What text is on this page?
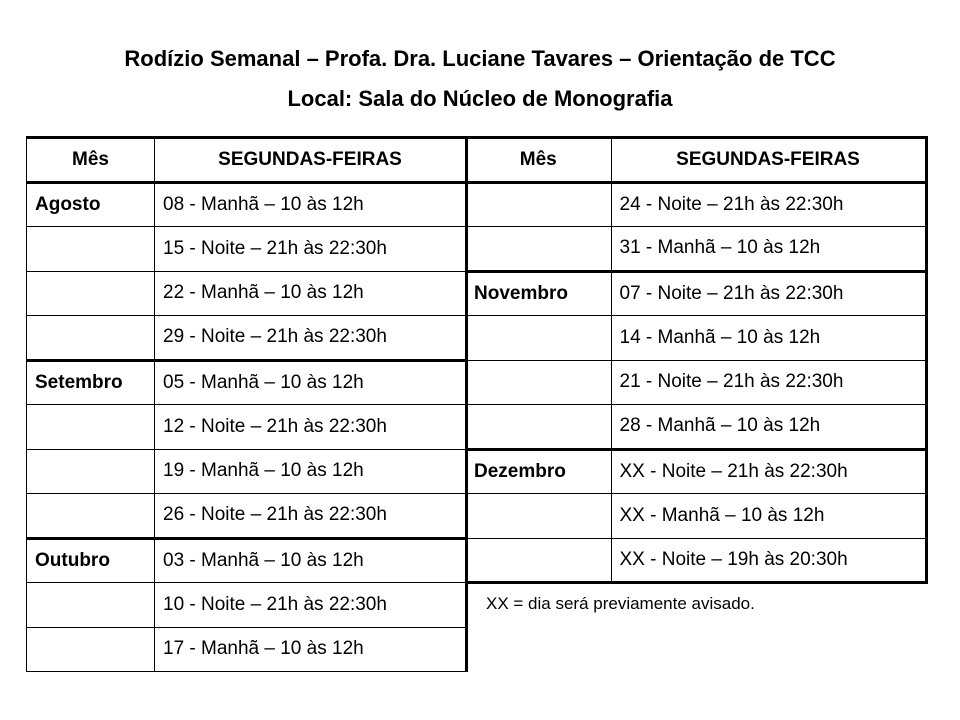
Rodízio Semanal – Profa. Dra. Luciane Tavares – Orientação de TCC
Local: Sala do Núcleo de Monografia
Mês	SEGUNDAS-FEIRAS
Agosto	08 - Manhã – 10 às 12h
	15 - Noite – 21h às 22:30h
	22 - Manhã – 10 às 12h
	29 - Noite – 21h às 22:30h
Setembro	05 - Manhã – 10 às 12h
	12 - Noite – 21h às 22:30h
	19 - Manhã – 10 às 12h
	26 - Noite – 21h às 22:30h
Outubro	03 - Manhã – 10 às 12h
	10 - Noite – 21h às 22:30h
	17 - Manhã – 10 às 12h
Mês	SEGUNDAS-FEIRAS
	24 - Noite – 21h às 22:30h
	31 - Manhã – 10 às 12h
Novembro	07 - Noite – 21h às 22:30h
	14 - Manhã – 10 às 12h
	21 - Noite – 21h às 22:30h
	28 - Manhã – 10 às 12h
Dezembro	XX - Noite – 21h às 22:30h
	XX - Manhã – 10 às 12h
	XX - Noite – 19h às 20:30h
XX = dia será previamente avisado.
